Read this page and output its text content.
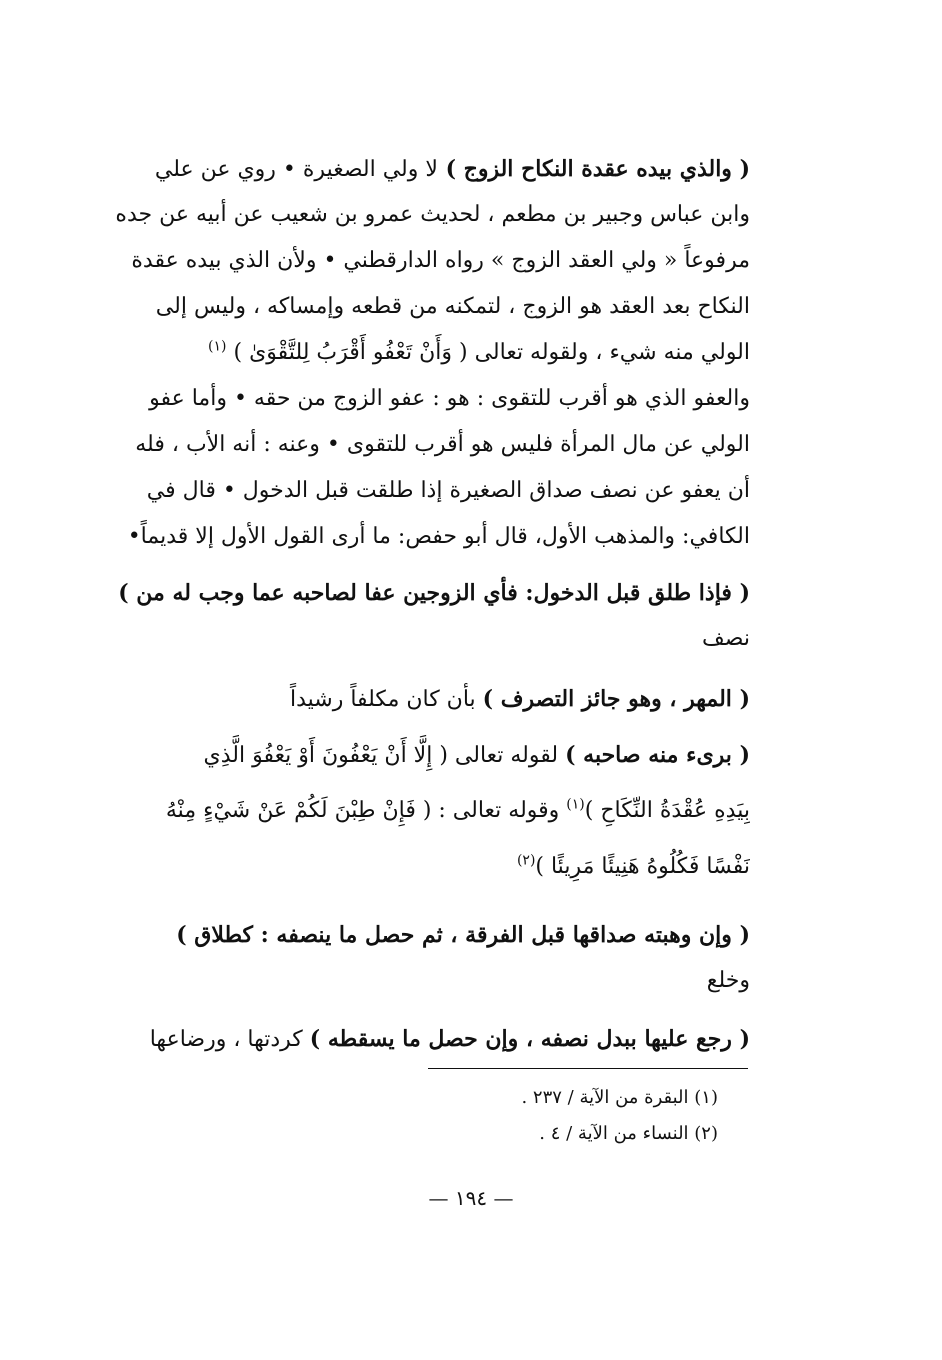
( والذي بيده عقدة النكاح الزوج ) لا ولي الصغيرة • روي عن علي
وابن عباس وجبير بن مطعم ، لحديث عمرو بن شعيب عن أبيه عن جده
مرفوعاً « ولي العقد الزوج » رواه الدارقطني • ولأن الذي بيده عقدة
النكاح بعد العقد هو الزوج ، لتمكنه من قطعه وإمساكه ، وليس إلى
الولي منه شيء ، ولقوله تعالى ( وَأَنْ تَعْفُو أَقْرَبُ لِلتَّقْوَىٰ ) $^{(١)}$
والعفو الذي هو أقرب للتقوى : هو : عفو الزوج من حقه • وأما عفو
الولي عن مال المرأة فليس هو أقرب للتقوى • وعنه : أنه الأب ، فله
أن يعفو عن نصف صداق الصغيرة إذا طلقت قبل الدخول • قال في
الكافي: والمذهب الأول، قال أبو حفص: ما أرى القول الأول إلا قديماً•
( فإذا طلق قبل الدخول: فأي الزوجين عفا لصاحبه عما وجب له من )
نصف
( المهر ، وهو جائز التصرف ) بأن كان مكلفاً رشيداً
( برىء منه صاحبه ) لقوله تعالى ( إِلَّا أَنْ يَعْفُونَ أَوْ يَعْفُوَ الَّذِي
بِيَدِهِ عُقْدَةُ النِّكَاحِ )$^{(١)}$ وقوله تعالى : ( فَإِنْ طِبْنَ لَكُمْ عَنْ شَيْءٍ مِنْهُ
نَفْسًا فَكُلُوهُ هَنِيئًا مَرِيئًا )$^{(٢)}$
( وإن وهبته صداقها قبل الفرقة ، ثم حصل ما ينصفه : كطلاق )
وخلع
( رجع عليها ببدل نصفه ، وإن حصل ما يسقطه ) كردتها ، ورضاعها
(١) البقرة من الآية / ٢٣٧ .
(٢) النساء من الآية / ٤ .
— ١٩٤ —
